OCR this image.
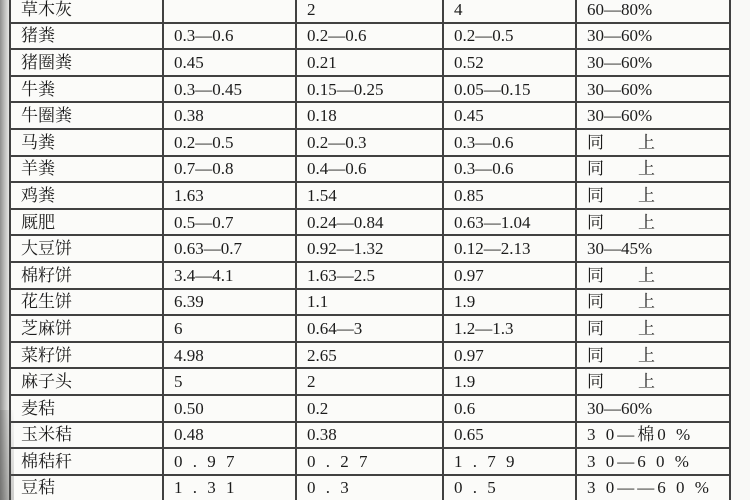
草木灰		2	4	60—80%
猪粪	0.3—0.6	0.2—0.6	0.2—0.5	30—60%
猪圈粪	0.45	0.21	0.52	30—60%
牛粪	0.3—0.45	0.15—0.25	0.05—0.15	30—60%
牛圈粪	0.38	0.18	0.45	30—60%
马粪	0.2—0.5	0.2—0.3	0.3—0.6	同　　上
羊粪	0.7—0.8	0.4—0.6	0.3—0.6	同　　上
鸡粪	1.63	1.54	0.85	同　　上
厩肥	0.5—0.7	0.24—0.84	0.63—1.04	同　　上
大豆饼	0.63—0.7	0.92—1.32	0.12—2.13	30—45%
棉籽饼	3.4—4.1	1.63—2.5	0.97	同　　上
花生饼	6.39	1.1	1.9	同　　上
芝麻饼	6	0.64—3	1.2—1.3	同　　上
菜籽饼	4.98	2.65	0.97	同　　上
麻子头	5	2	1.9	同　　上
麦秸	0.50	0.2	0.6	30—60%
玉米秸	0.48	0.38	0.65	3 0—棉0 %
棉秸秆	0 . 9 7	0 . 2 7	1 . 7 9	3 0—6 0 %
豆秸	1 . 3 1	0 . 3	0 . 5	3 0——6 0 %
